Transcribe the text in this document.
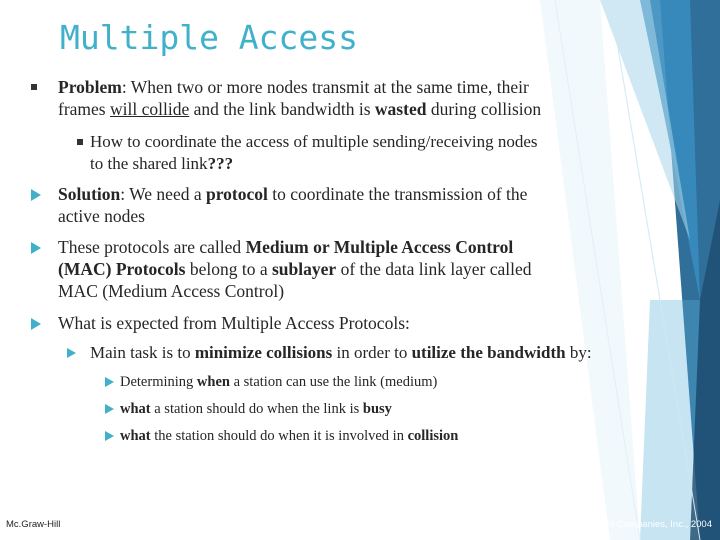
Multiple Access
Problem: When two or more nodes transmit at the same time, their
frames will collide and the link bandwidth is wasted during collision
How to coordinate the access of multiple sending/receiving nodes
to the shared link???
Solution: We need a protocol to coordinate the transmission of the
active nodes
These protocols are called Medium or Multiple Access Control
(MAC) Protocols belong to a sublayer of the data link layer called
MAC (Medium Access Control)
What is expected from Multiple Access Protocols:
Main task is to minimize collisions in order to utilize the bandwidth by:
Determining when a station can use the link (medium)
what a station should do when the link is busy
what the station should do when it is involved in collision
Mc.Graw-Hill	©The Mc.Graw-Hill Companies, Inc., 2004
